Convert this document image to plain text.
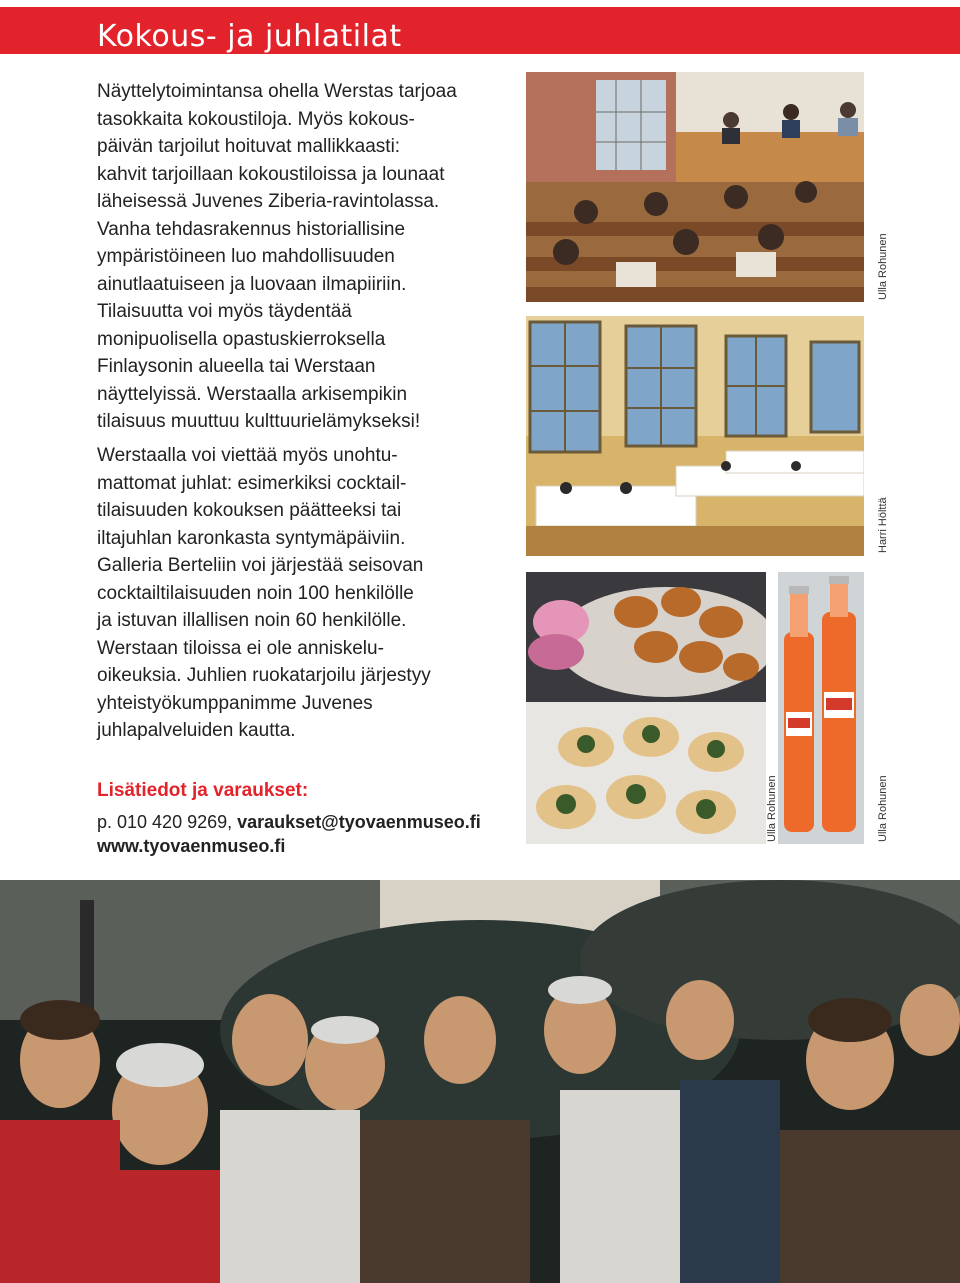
Kokous- ja juhlatilat

Näyttelytoimintansa ohella Werstas tarjoaa
tasokkaita kokoustiloja. Myös kokous-
päivän tarjoilut hoituvat mallikkaasti:
kahvit tarjoillaan kokoustiloissa ja lounaat
läheisessä Juvenes Ziberia-ravintolassa.
Vanha tehdasrakennus historiallisine
ympäristöineen luo mahdollisuuden
ainutlaatuiseen ja luovaan ilmapiiriin.
Tilaisuutta voi myös täydentää
monipuolisella opastuskierroksella
Finlaysonin alueella tai Werstaan
näyttelyissä. Werstaalla arkisempikin
tilaisuus muuttuu kulttuurielämykseksi!

Werstaalla voi viettää myös unohtu-
mattomat juhlat: esimerkiksi cocktail-
tilaisuuden kokouksen päätteeksi tai
iltajuhlan karonkasta syntymäpäiviin.
Galleria Berteliin voi järjestää seisovan
cocktailtilaisuuden noin 100 henkilölle
ja istuvan illallisen noin 60 henkilölle.
Werstaan tiloissa ei ole anniskelu-
oikeuksia. Juhlien ruokatarjoilu järjestyy
yhteistyökumppanimme Juvenes
juhlapalveluiden kautta.

Lisätiedot ja varaukset:
p. 010 420 9269, varaukset@tyovaenmuseo.fi
www.tyovaenmuseo.fi
Ulla Rohunen
Harri Hölttä
Ulla Rohunen	Ulla Rohunen
